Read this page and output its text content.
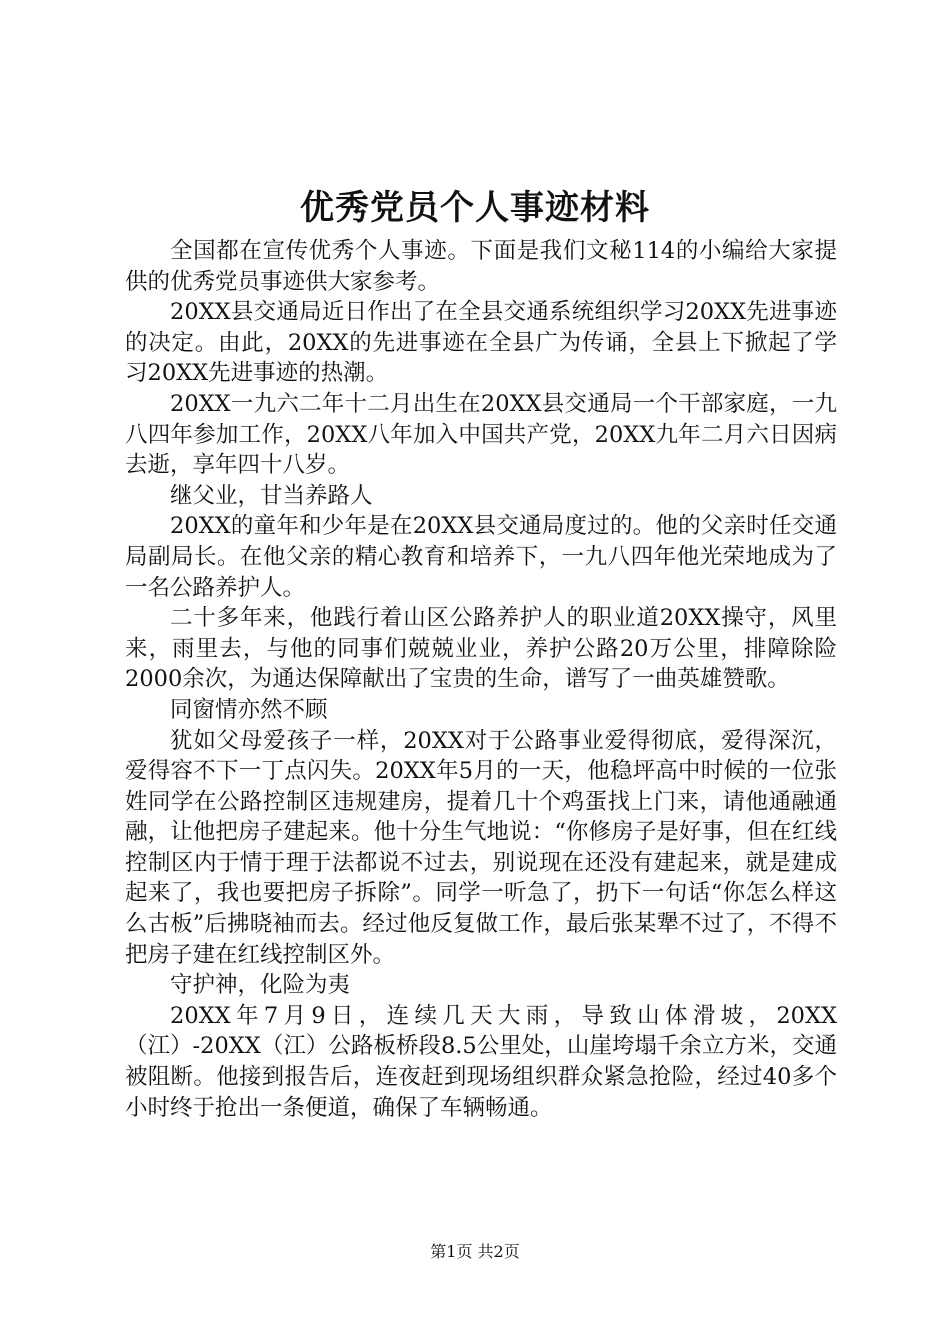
优秀党员个人事迹材料

全国都在宣传优秀个人事迹。下面是我们文秘114的小编给大家提供的优秀党员事迹供大家参考。

20XX县交通局近日作出了在全县交通系统组织学习20XX先进事迹的决定。由此，20XX的先进事迹在全县广为传诵，全县上下掀起了学习20XX先进事迹的热潮。

20XX一九六二年十二月出生在20XX县交通局一个干部家庭，一九八四年参加工作，20XX八年加入中国共产党，20XX九年二月六日因病去逝，享年四十八岁。

继父业，甘当养路人

20XX的童年和少年是在20XX县交通局度过的。他的父亲时任交通局副局长。在他父亲的精心教育和培养下，一九八四年他光荣地成为了一名公路养护人。

二十多年来，他践行着山区公路养护人的职业道20XX操守，风里来，雨里去，与他的同事们兢兢业业，养护公路20万公里，排障除险2000余次，为通达保障献出了宝贵的生命，谱写了一曲英雄赞歌。

同窗情亦然不顾

犹如父母爱孩子一样，20XX对于公路事业爱得彻底，爱得深沉，爱得容不下一丁点闪失。20XX年5月的一天，他稳坪高中时候的一位张姓同学在公路控制区违规建房，提着几十个鸡蛋找上门来，请他通融通融，让他把房子建起来。他十分生气地说：“你修房子是好事，但在红线控制区内于情于理于法都说不过去，别说现在还没有建起来，就是建成起来了，我也要把房子拆除”。同学一听急了，扔下一句话“你怎么样这么古板”后拂晓袖而去。经过他反复做工作，最后张某犟不过了，不得不把房子建在红线控制区外。

守护神，化险为夷

20XX年7月9日，连续几天大雨，导致山体滑坡，20XX（江）-20XX（江）公路板桥段8.5公里处，山崖垮塌千余立方米，交通被阻断。他接到报告后，连夜赶到现场组织群众紧急抢险，经过40多个小时终于抢出一条便道，确保了车辆畅通。

第1页 共2页
